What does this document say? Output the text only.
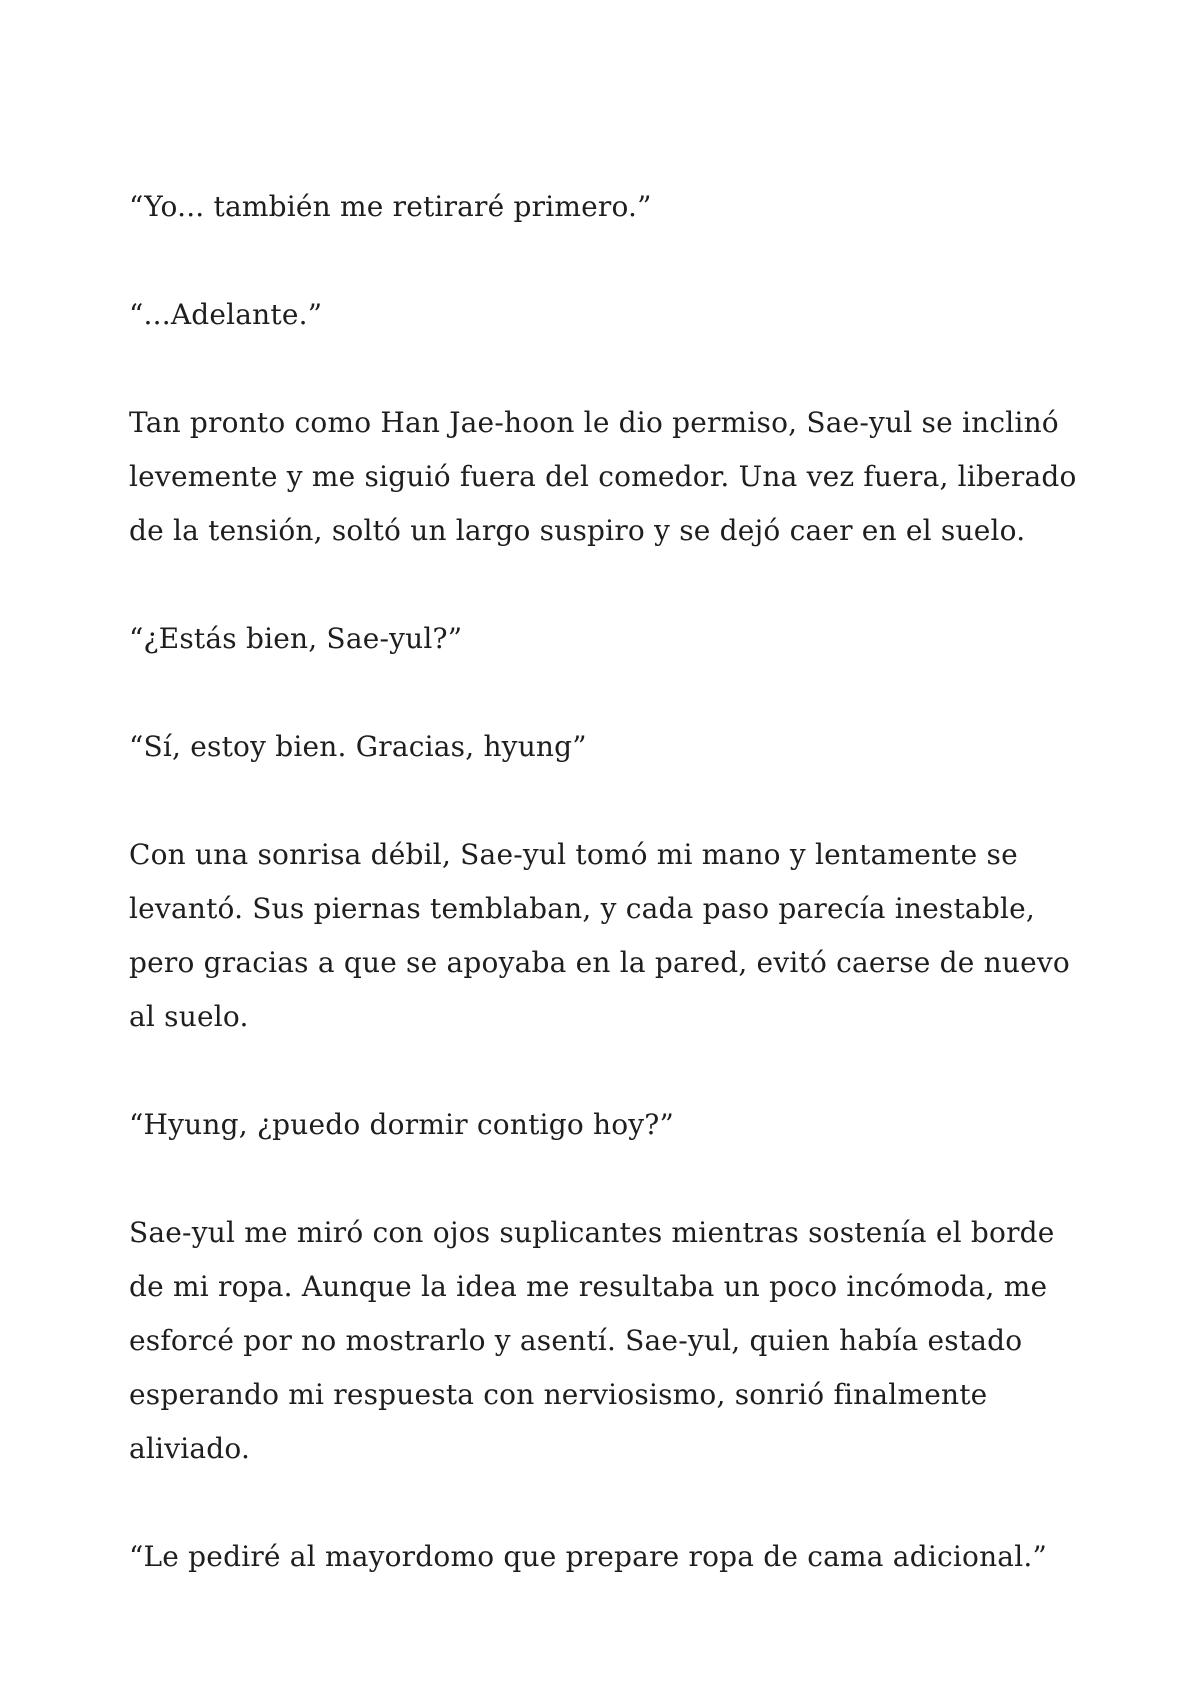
“Yo... también me retiraré primero.”

“...Adelante.”

Tan pronto como Han Jae-hoon le dio permiso, Sae-yul se inclinó levemente y me siguió fuera del comedor. Una vez fuera, liberado de la tensión, soltó un largo suspiro y se dejó caer en el suelo.

“¿Estás bien, Sae-yul?”

“Sí, estoy bien. Gracias, hyung”

Con una sonrisa débil, Sae-yul tomó mi mano y lentamente se levantó. Sus piernas temblaban, y cada paso parecía inestable, pero gracias a que se apoyaba en la pared, evitó caerse de nuevo al suelo.

“Hyung, ¿puedo dormir contigo hoy?”

Sae-yul me miró con ojos suplicantes mientras sostenía el borde de mi ropa. Aunque la idea me resultaba un poco incómoda, me esforcé por no mostrarlo y asentí. Sae-yul, quien había estado esperando mi respuesta con nerviosismo, sonrió finalmente aliviado.

“Le pediré al mayordomo que prepare ropa de cama adicional.”
